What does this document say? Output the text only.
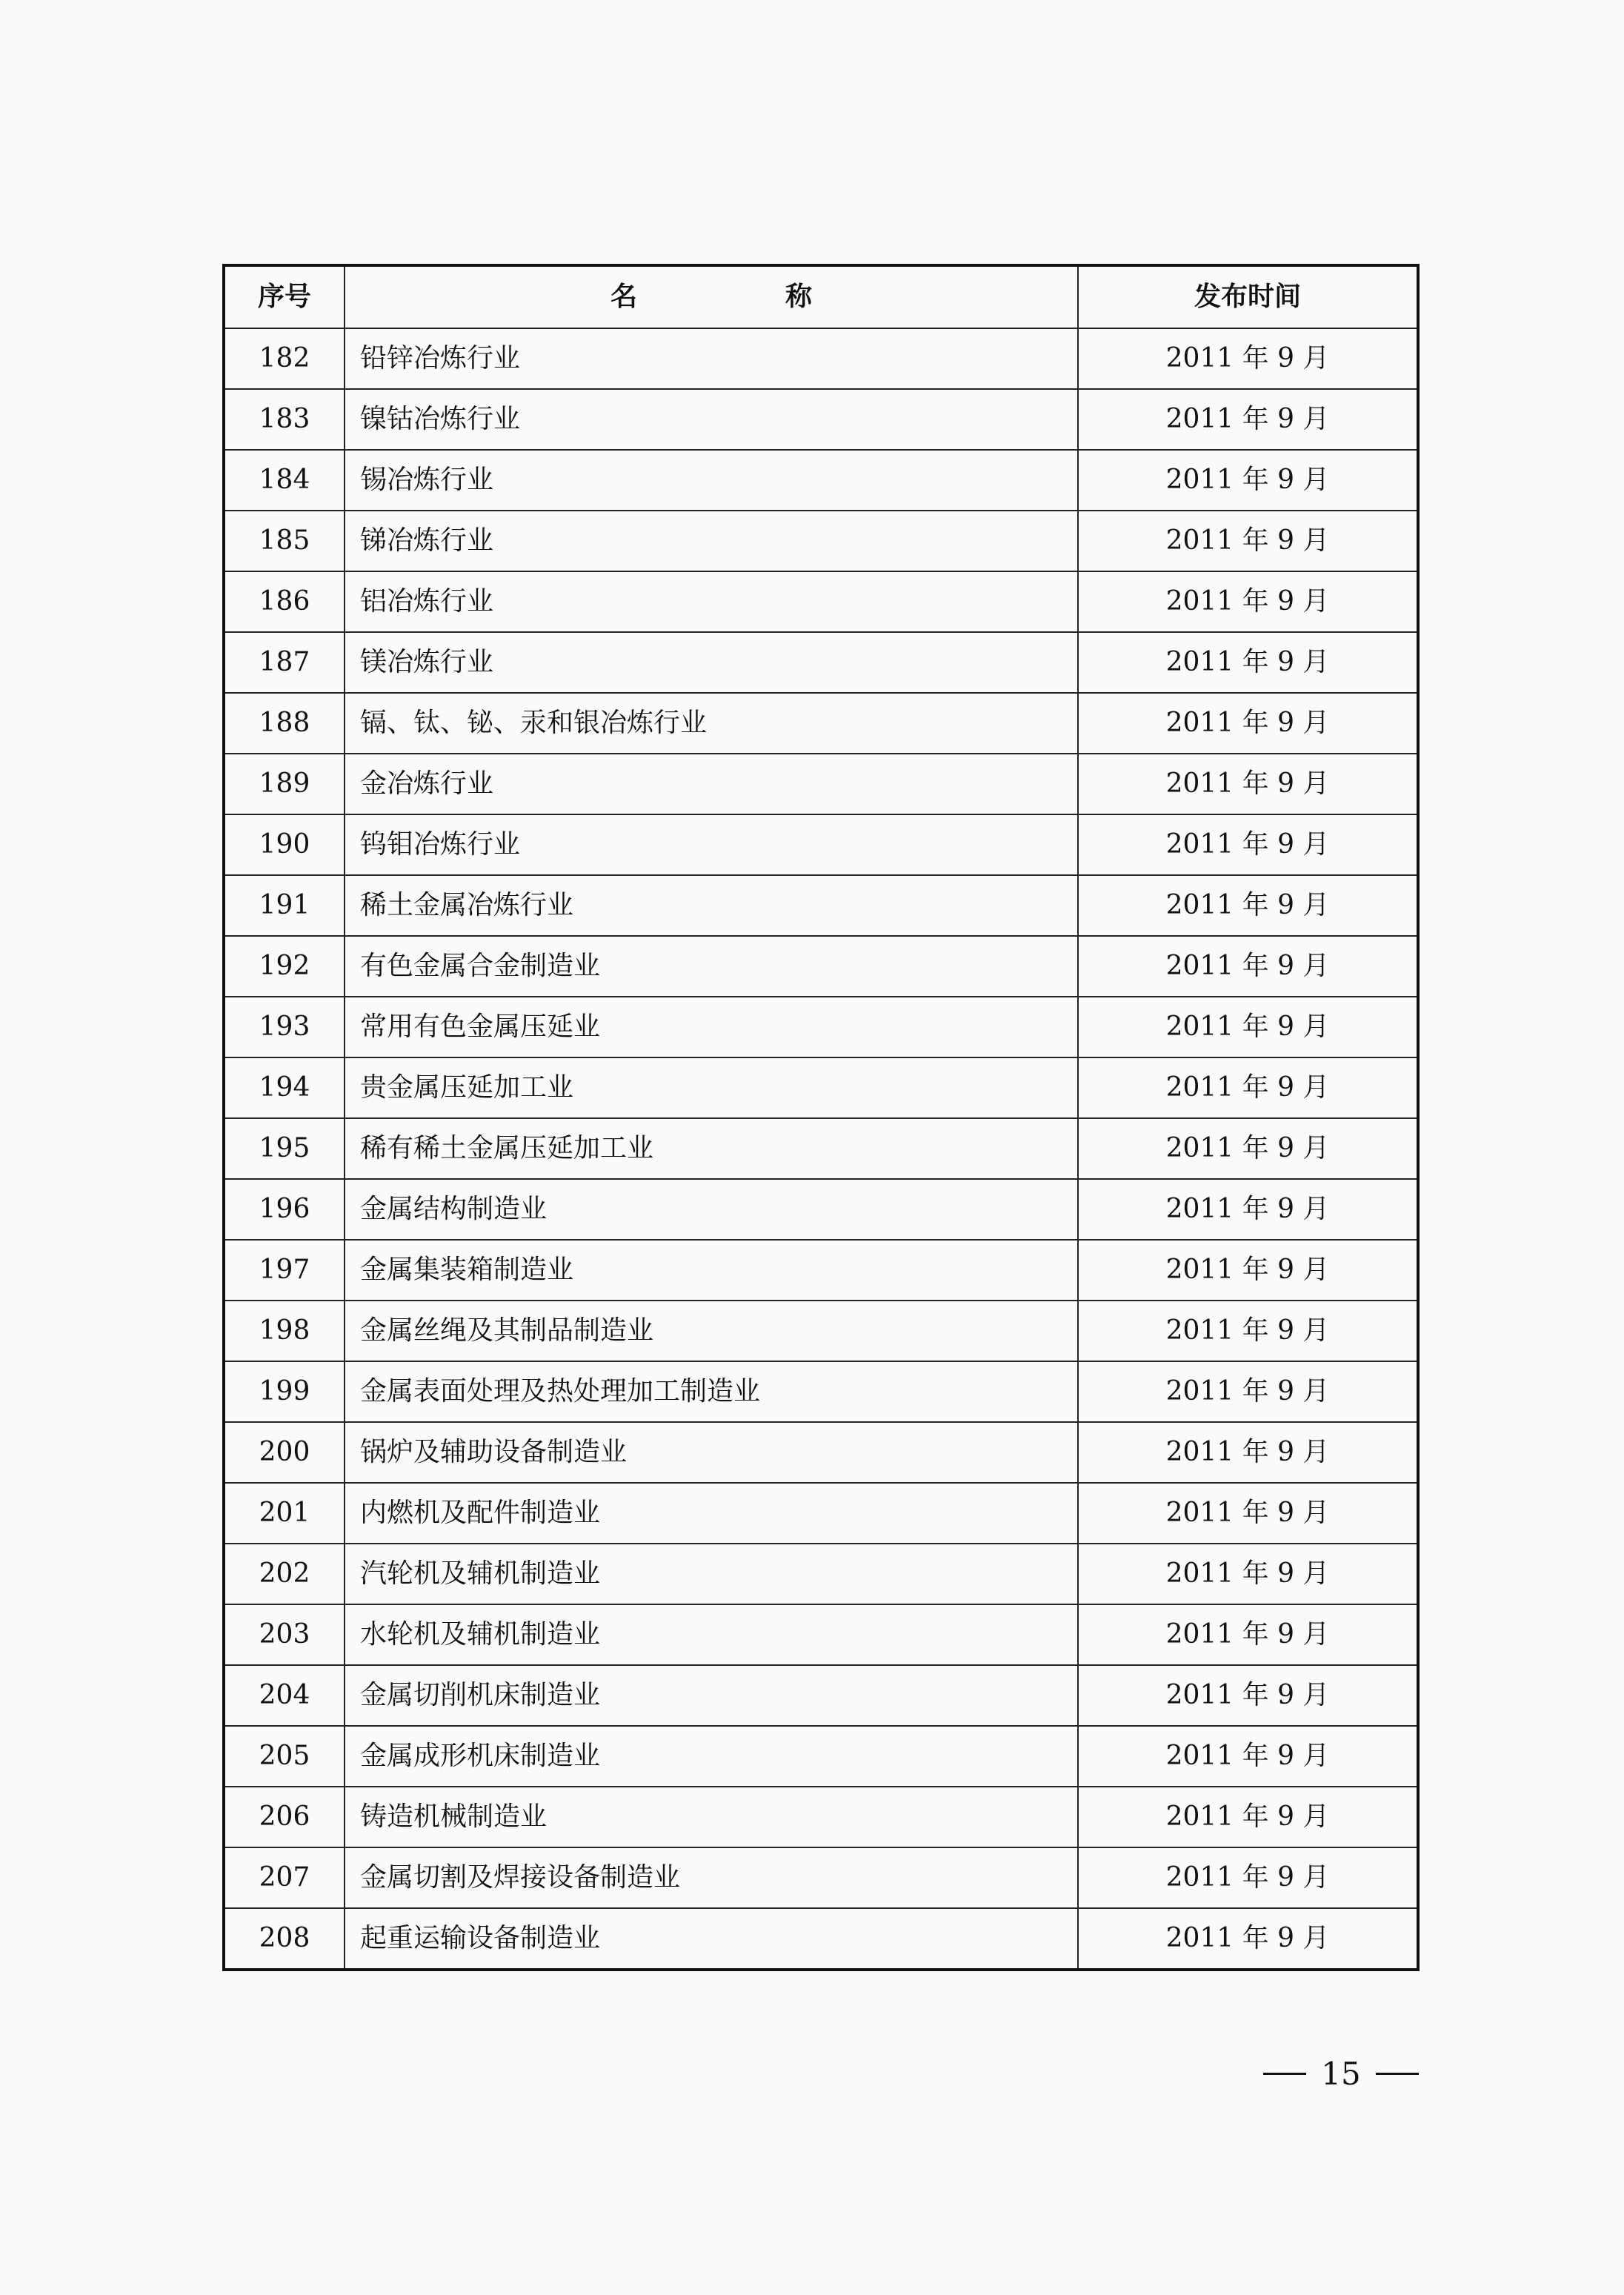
序号	名 称	发布时间
182	铅锌冶炼行业	2011 年 9 月
183	镍钴冶炼行业	2011 年 9 月
184	锡冶炼行业	2011 年 9 月
185	锑冶炼行业	2011 年 9 月
186	铝冶炼行业	2011 年 9 月
187	镁冶炼行业	2011 年 9 月
188	镉、钛、铋、汞和银冶炼行业	2011 年 9 月
189	金冶炼行业	2011 年 9 月
190	钨钼冶炼行业	2011 年 9 月
191	稀土金属冶炼行业	2011 年 9 月
192	有色金属合金制造业	2011 年 9 月
193	常用有色金属压延业	2011 年 9 月
194	贵金属压延加工业	2011 年 9 月
195	稀有稀土金属压延加工业	2011 年 9 月
196	金属结构制造业	2011 年 9 月
197	金属集装箱制造业	2011 年 9 月
198	金属丝绳及其制品制造业	2011 年 9 月
199	金属表面处理及热处理加工制造业	2011 年 9 月
200	锅炉及辅助设备制造业	2011 年 9 月
201	内燃机及配件制造业	2011 年 9 月
202	汽轮机及辅机制造业	2011 年 9 月
203	水轮机及辅机制造业	2011 年 9 月
204	金属切削机床制造业	2011 年 9 月
205	金属成形机床制造业	2011 年 9 月
206	铸造机械制造业	2011 年 9 月
207	金属切割及焊接设备制造业	2011 年 9 月
208	起重运输设备制造业	2011 年 9 月
15
